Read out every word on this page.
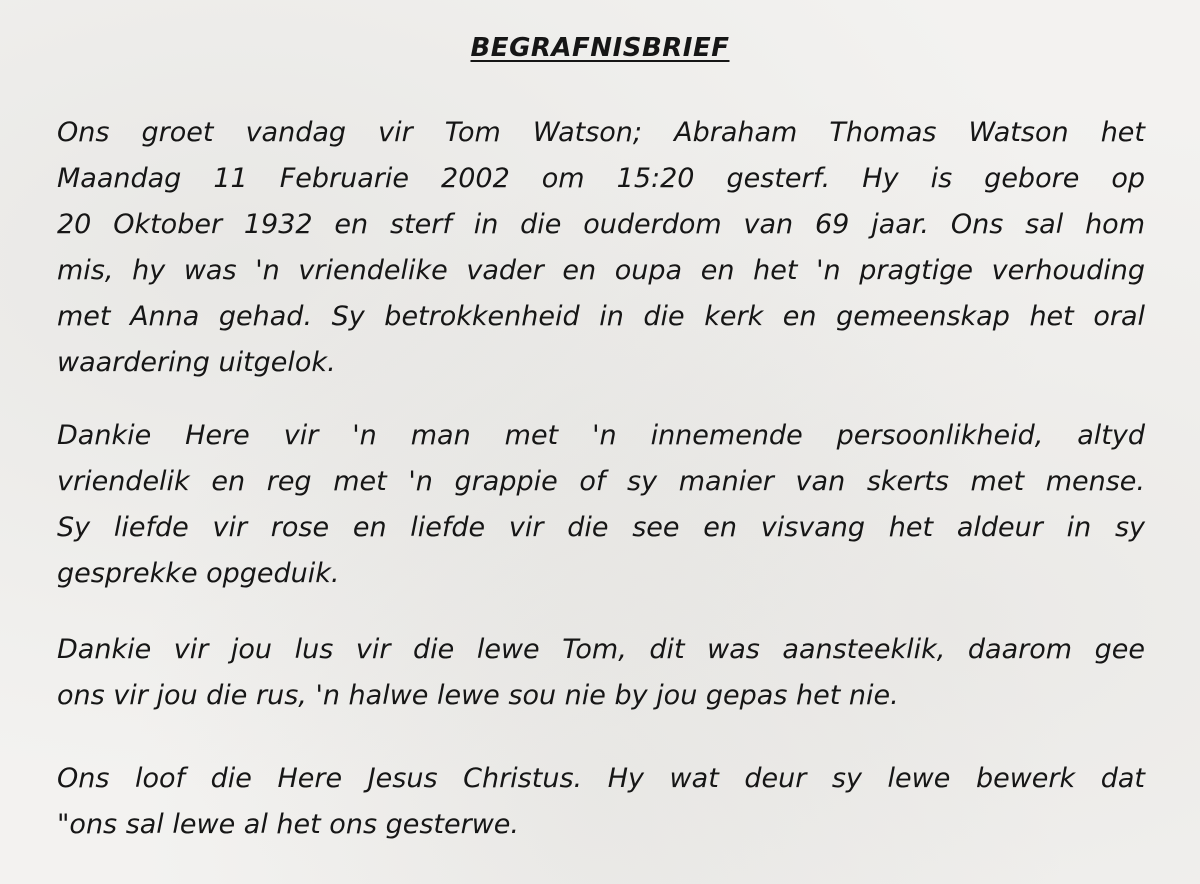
BEGRAFNISBRIEF

Ons groet vandag vir Tom Watson; Abraham Thomas Watson het
Maandag 11 Februarie 2002 om 15:20 gesterf. Hy is gebore op
20 Oktober 1932 en sterf in die ouderdom van 69 jaar. Ons sal hom
mis, hy was 'n vriendelike vader en oupa en het 'n pragtige verhouding
met Anna gehad. Sy betrokkenheid in die kerk en gemeenskap het oral
waardering uitgelok.

Dankie Here vir 'n man met 'n innemende persoonlikheid, altyd
vriendelik en reg met 'n grappie of sy manier van skerts met mense.
Sy liefde vir rose en liefde vir die see en visvang het aldeur in sy
gesprekke opgeduik.

Dankie vir jou lus vir die lewe Tom, dit was aansteeklik, daarom gee
ons vir jou die rus, 'n halwe lewe sou nie by jou gepas het nie.

Ons loof die Here Jesus Christus. Hy wat deur sy lewe bewerk dat
"ons sal lewe al het ons gesterwe.
